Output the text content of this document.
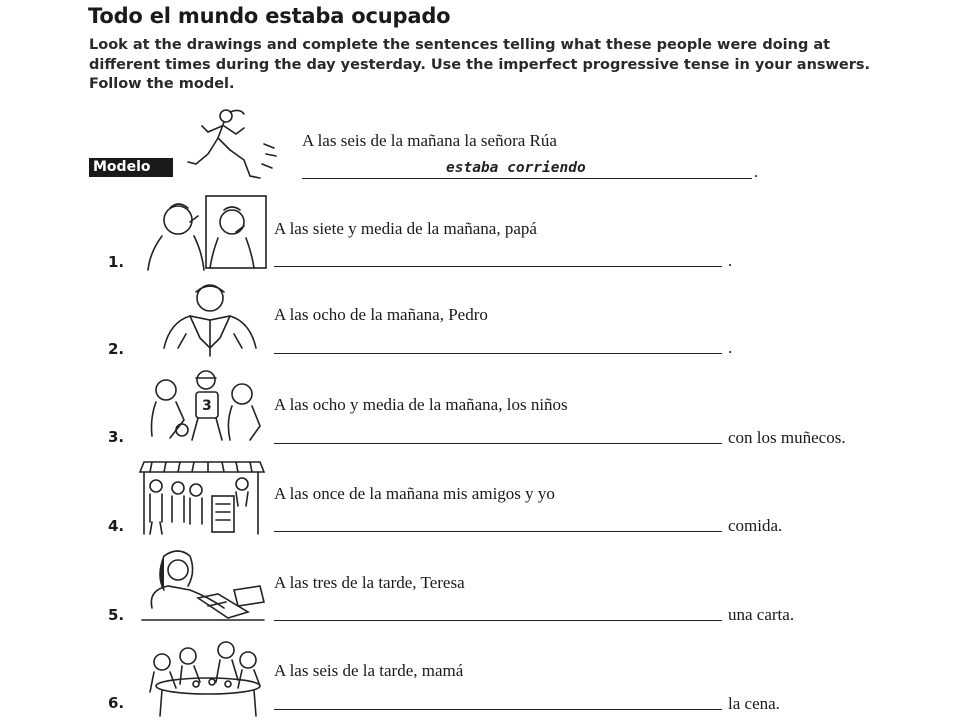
Todo el mundo estaba ocupado
Look at the drawings and complete the sentences telling what these people were doing at different times during the day yesterday. Use the imperfect progressive tense in your answers. Follow the model.
Modelo
A las seis de la mañana la señora Rúa
estaba corriendo	.
A las siete y media de la mañana, papá
1.	.
A las ocho de la mañana, Pedro
2.	.
3	A las ocho y media de la mañana, los niños
3.	con los muñecos.
A las once de la mañana mis amigos y yo
4.	comida.
A las tres de la tarde, Teresa
5.	una carta.
A las seis de la tarde, mamá
6.	la cena.
